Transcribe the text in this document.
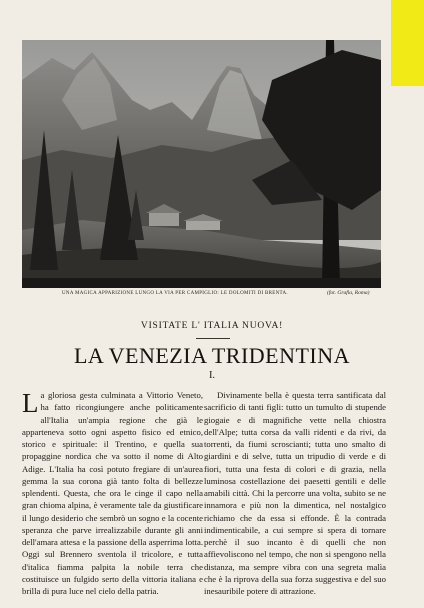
UNA MAGICA APPARIZIONE LUNGO LA VIA PER CAMPIGLIO: LE DOLOMITI DI BRENTA.	(fot. Grafia, Roma)
VISITATE L' ITALIA NUOVA!
LA VENEZIA TRIDENTINA
I.

La gloriosa gesta culminata a Vittorio Veneto, ha fatto ricongiungere anche politicamente all'Italia un'ampia regione che già le apparteneva sotto ogni aspetto fisico ed etnico, storico e spirituale: il Trentino, e quella sua propaggine nordica che va sotto il nome di Alto Adige. L'Italia ha così potuto fregiare di un'aurea gemma la sua corona già tanto folta di bellezze splendenti. Questa, che ora le cinge il capo nella gran chioma alpina, è veramente tale da giustificare il lungo desiderio che sembrò un sogno e la cocente speranza che parve irrealizzabile durante gli anni dell'amara attesa e la passione della asperrima lotta. Oggi sul Brennero sventola il tricolore, e tutta d'italica fiamma palpita la nobile terra che costituisce un fulgido serto della vittoria italiana e brilla di pura luce nel cielo della patria.

Divinamente bella è questa terra santificata dal sacrificio di tanti figli: tutto un tumulto di stupende giogaie e di magnifiche vette nella chiostra dell'Alpe; tutta corsa da valli ridenti e da rivi, da torrenti, da fiumi scroscianti; tutta uno smalto di giardini e di selve, tutta un tripudio di verde e di fiori, tutta una festa di colori e di grazia, nella luminosa costellazione dei paesetti gentili e delle amabili città. Chi la percorre una volta, subito se ne innamora e più non la dimentica, nel nostalgico richiamo che da essa si effonde. È la contrada indimenticabile, a cui sempre si spera di tornare perchè il suo incanto è di quelli che non affievoliscono nel tempo, che non si spengono nella distanza, ma sempre vibra con una segreta malìa che è la riprova della sua forza suggestiva e del suo inesauribile potere di attrazione.
